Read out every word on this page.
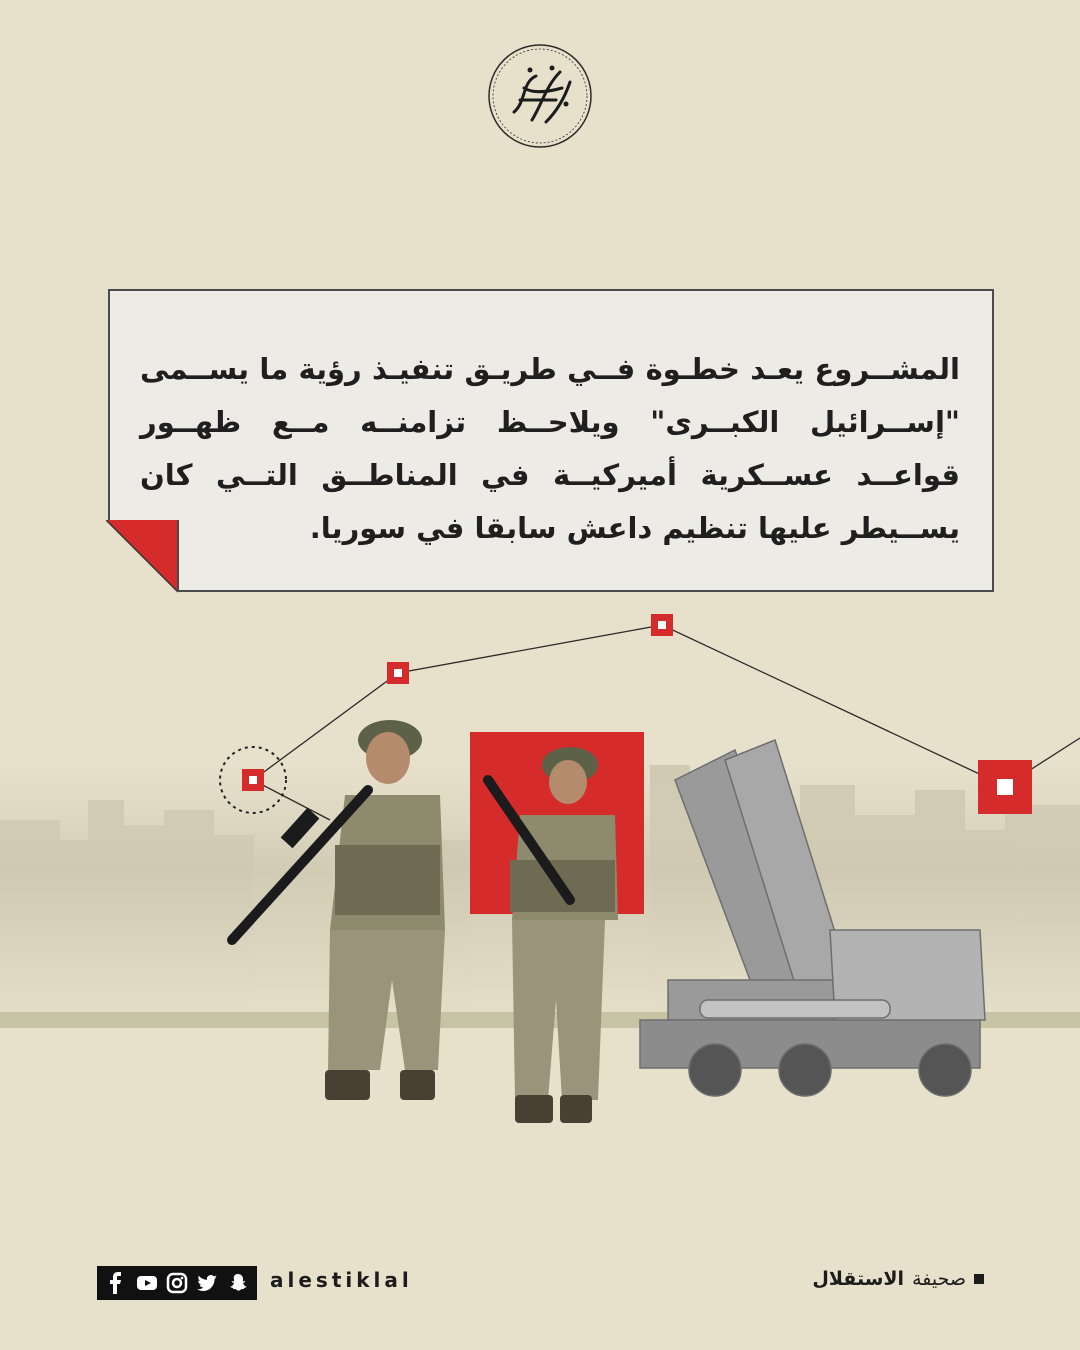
المشــروع يعـد خطـوة فــي طريـق تنفيـذ رؤية ما يســمى "إســرائيل الكبــرى" ويلاحــظ تزامنــه مــع ظهــور قواعــد عســكرية أميركيــة في المناطــق التــي كان يســيطر عليها تنظيم داعش سابقا في سوريا.
alestiklal	صحيفة
الاستقلال
